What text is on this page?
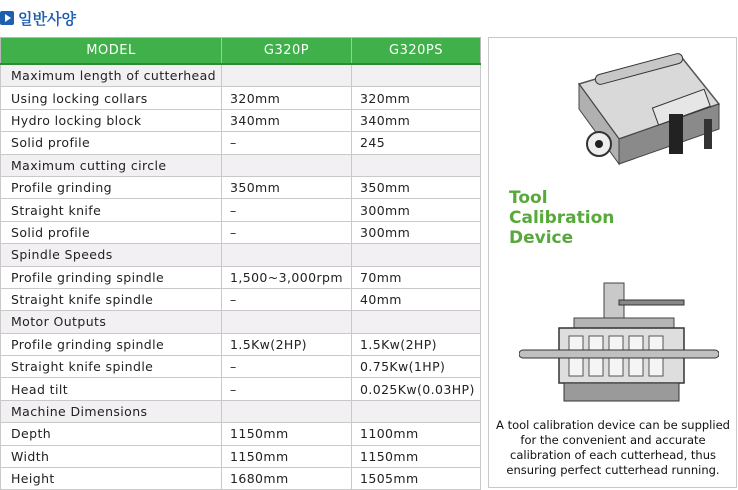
일반사양
MODEL	G320P	G320PS
Maximum length of cutterhead		
Using locking collars	320mm	320mm
Hydro locking block	340mm	340mm
Solid profile	–	245
Maximum cutting circle		
Profile grinding	350mm	350mm
Straight knife	–	300mm
Solid profile	–	300mm
Spindle Speeds		
Profile grinding spindle	1,500~3,000rpm	70mm
Straight knife spindle	–	40mm
Motor Outputs		
Profile grinding spindle	1.5Kw(2HP)	1.5Kw(2HP)
Straight knife spindle	–	0.75Kw(1HP)
Head tilt	–	0.025Kw(0.03HP)
Machine Dimensions		
Depth	1150mm	1100mm
Width	1150mm	1150mm
Height	1680mm	1505mm
Tool
Calibration
Device
A tool calibration device can be supplied for the convenient and accurate calibration of each cutterhead, thus ensuring perfect cutterhead running.
